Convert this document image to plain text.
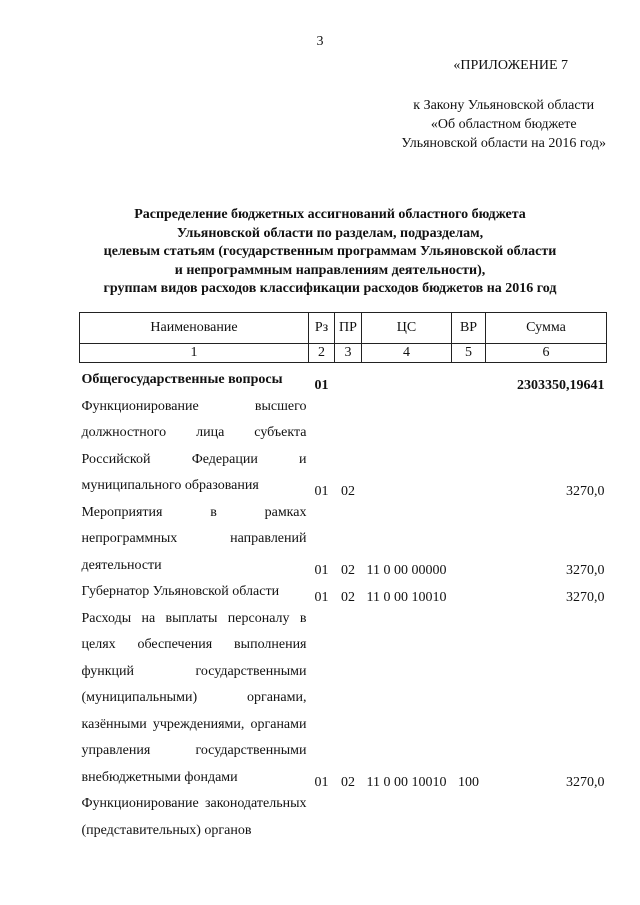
3
«ПРИЛОЖЕНИЕ 7
к Закону Ульяновской области
«Об областном бюджете
Ульяновской области на 2016 год»
Распределение бюджетных ассигнований областного бюджета
Ульяновской области по разделам, подразделам,
целевым статьям (государственным программам Ульяновской области
и непрограммным направлениям деятельности),
группам видов расходов классификации расходов бюджетов на 2016 год
Наименование	Рз	ПР	ЦС	ВР	Сумма
1	2	3	4	5	6
Общегосударственные вопросы	01				2303350,19641
Функционирование высшего должностного лица субъекта Российской Федерации и муниципального образования	01	02			3270,0
Мероприятия в рамках непрограммных направлений деятельности	01	02	11 0 00 00000		3270,0
Губернатор Ульяновской области	01	02	11 0 00 10010		3270,0
Расходы на выплаты персоналу в целях обеспечения выполнения функций государственными (муниципальными) органами, казёнными учреждениями, органами управления государственными внебюджетными фондами	01	02	11 0 00 10010	100	3270,0
Функционирование законодательных (представительных) органов					
